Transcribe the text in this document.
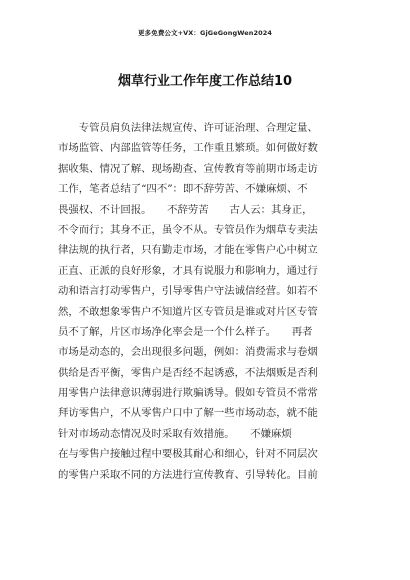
更多免费公文+VX：GjGeGongWen2024
烟草行业工作年度工作总结10
　　专管员肩负法律法规宣传、许可证治理、合理定量、
市场监管、内部监管等任务，工作重且繁琐。如何做好数
据收集、情况了解、现场勘查、宣传教育等前期市场走访
工作，笔者总结了“四不”：即不辞劳苦、不嫌麻烦、不
畏强权、不计回报。　　不辞劳苦　　古人云：其身正，
不令而行；其身不正，虽令不从。专管员作为烟草专卖法
律法规的执行者，只有勤走市场，才能在零售户心中树立
正直、正派的良好形象，才具有说服力和影响力，通过行
动和语言打动零售户，引导零售户守法诚信经营。如若不
然，不敢想象零售户不知道片区专管员是谁或对片区专管
员不了解，片区市场净化率会是一个什么样子。　　再者
市场是动态的，会出现很多问题，例如：消费需求与卷烟
供给是否平衡，零售户是否经不起诱惑，不法烟贩是否利
用零售户法律意识薄弱进行欺骗诱导。假如专管员不常常
拜访零售户，不从零售户口中了解一些市场动态，就不能
针对市场动态情况及时采取有效措施。　　不嫌麻烦　　
在与零售户接触过程中要极其耐心和细心，针对不同层次
的零售户采取不同的方法进行宣传教育、引导转化。目前
